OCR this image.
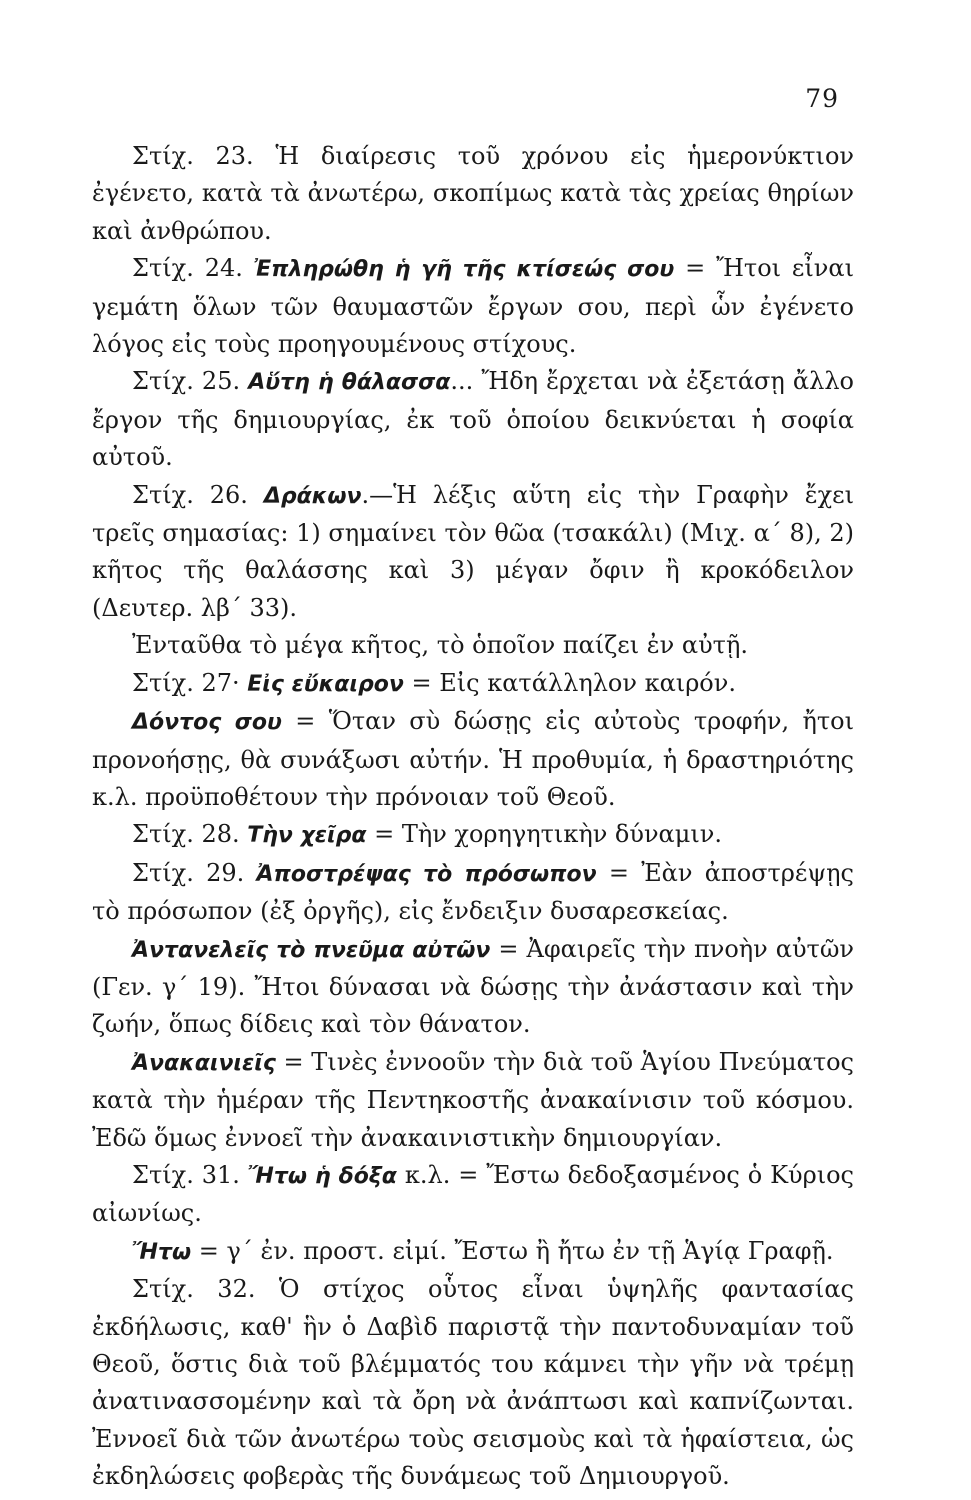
79

Στίχ. 23. Ἡ διαίρεσις τοῦ χρόνου εἰς ἡμερονύκτιον ἐγένετο, κατὰ τὰ ἀνωτέρω, σκοπίμως κατὰ τὰς χρείας θηρίων καὶ ἀνθρώπου.

Στίχ. 24. Ἐπληρώθη ἡ γῆ τῆς κτίσεώς σου = Ἤτοι εἶναι γεμάτη ὅλων τῶν θαυμαστῶν ἔργων σου, περὶ ὧν ἐγένετο λόγος εἰς τοὺς προηγουμένους στίχους.

Στίχ. 25. Αὕτη ἡ θάλασσα... Ἤδη ἔρχεται νὰ ἐξετάσῃ ἄλλο ἔργον τῆς δημιουργίας, ἐκ τοῦ ὁποίου δεικνύεται ἡ σοφία αὐτοῦ.

Στίχ. 26. Δράκων.—Ἡ λέξις αὕτη εἰς τὴν Γραφὴν ἔχει τρεῖς σημασίας: 1) σημαίνει τὸν θῶα (τσακάλι) (Μιχ. α΄ 8), 2) κῆτος τῆς θαλάσσης καὶ 3) μέγαν ὄφιν ἢ κροκόδειλον (Δευτερ. λβ΄ 33).

Ἐνταῦθα τὸ μέγα κῆτος, τὸ ὁποῖον παίζει ἐν αὐτῇ.

Στίχ. 27· Εἰς εὔκαιρον = Εἰς κατάλληλον καιρόν.

Δόντος σου = Ὅταν σὺ δώσῃς εἰς αὐτοὺς τροφήν, ἤτοι προνοήσῃς, θὰ συνάξωσι αὐτήν. Ἡ προθυμία, ἡ δραστηριότης κ.λ. προϋποθέτουν τὴν πρόνοιαν τοῦ Θεοῦ.

Στίχ. 28. Τὴν χεῖρα = Τὴν χορηγητικὴν δύναμιν.

Στίχ. 29. Ἀποστρέψας τὸ πρόσωπον = Ἐὰν ἀποστρέψῃς τὸ πρόσωπον (ἐξ ὀργῆς), εἰς ἔνδειξιν δυσαρεσκείας.

Ἀντανελεῖς τὸ πνεῦμα αὐτῶν = Ἀφαιρεῖς τὴν πνοὴν αὐτῶν (Γεν. γ΄ 19). Ἤτοι δύνασαι νὰ δώσῃς τὴν ἀνάστασιν καὶ τὴν ζωήν, ὅπως δίδεις καὶ τὸν θάνατον.

Ἀνακαινιεῖς = Τινὲς ἐννοοῦν τὴν διὰ τοῦ Ἁγίου Πνεύματος κατὰ τὴν ἡμέραν τῆς Πεντηκοστῆς ἀνακαίνισιν τοῦ κόσμου. Ἐδῶ ὅμως ἐννοεῖ τὴν ἀνακαινιστικὴν δημιουργίαν.

Στίχ. 31. Ἤτω ἡ δόξα κ.λ. = Ἔστω δεδοξασμένος ὁ Κύριος αἰωνίως.

Ἤτω = γ΄ ἐν. προστ. εἰμί. Ἔστω ἢ ἤτω ἐν τῇ Ἁγίᾳ Γραφῇ.

Στίχ. 32. Ὁ στίχος οὗτος εἶναι ὑψηλῆς φαντασίας ἐκδήλωσις, καθ' ἣν ὁ Δαβὶδ παριστᾷ τὴν παντοδυναμίαν τοῦ Θεοῦ, ὅστις διὰ τοῦ βλέμματός του κάμνει τὴν γῆν νὰ τρέμῃ ἀνατινασσομένην καὶ τὰ ὄρη νὰ ἀνάπτωσι καὶ καπνίζωνται. Ἐννοεῖ διὰ τῶν ἀνωτέρω τοὺς σεισμοὺς καὶ τὰ ἡφαίστεια, ὡς ἐκδηλώσεις φοβερὰς τῆς δυνάμεως τοῦ Δημιουργοῦ.
